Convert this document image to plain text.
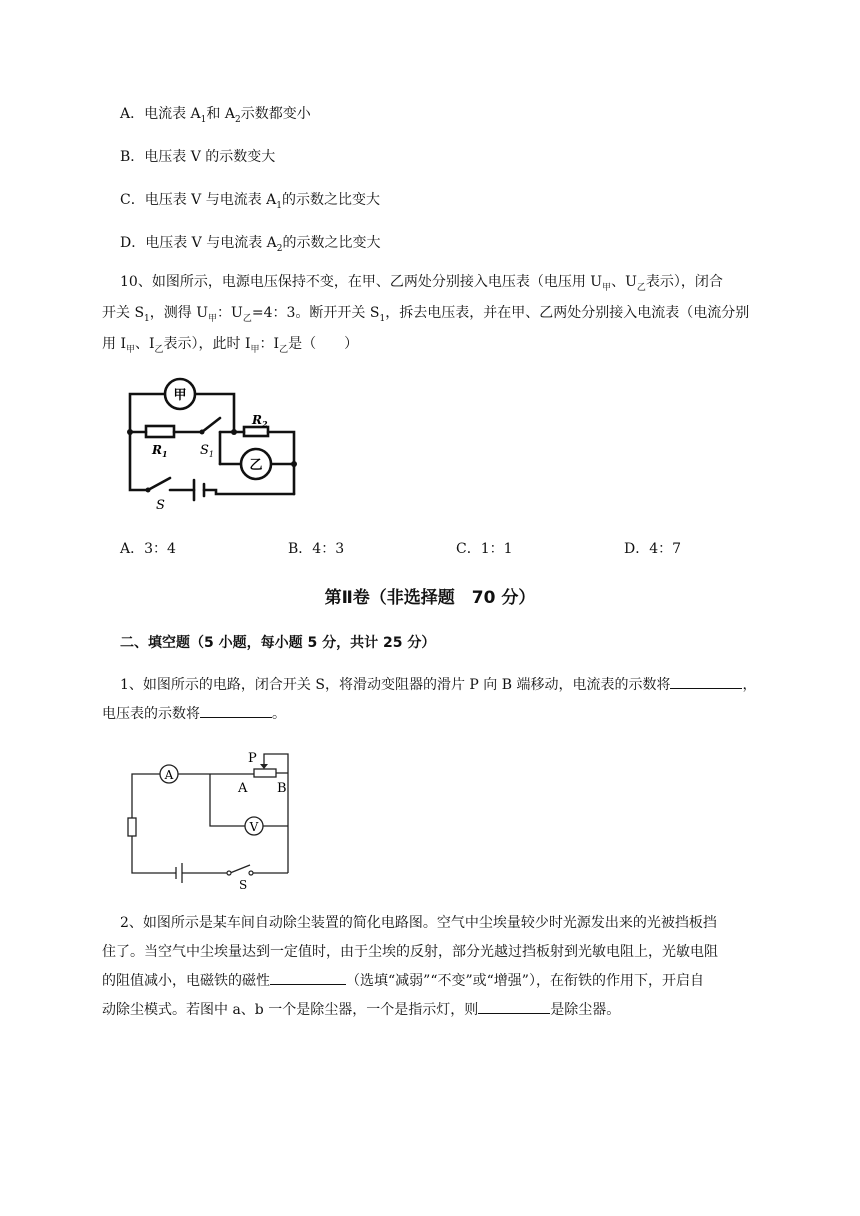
A．电流表 $A_1$和 $A_2$示数都变小
B．电压表 V 的示数变大
C．电压表 V 与电流表 $A_1$的示数之比变大
D．电压表 V 与电流表 $A_2$的示数之比变大
10、如图所示，电源电压保持不变，在甲、乙两处分别接入电压表（电压用 $U_甲$、$U_乙$表示），闭合
开关 $S_1$，测得 $U_甲$：$U_乙=4$：3。断开开关 $S_1$，拆去电压表，并在甲、乙两处分别接入电流表（电流分别
用 $I_甲$、$I_乙$表示），此时 $I_甲$：$I_乙$是（　　）
甲
乙
$R_1$
$R_2$
$S_1$
S
A．3：4	B．4：3	C．1：1	D．4：7
第Ⅱ卷（非选择题　70 分）
二、填空题（5 小题，每小题 5 分，共计 25 分）
1、如图所示的电路，闭合开关 S，将滑动变阻器的滑片 P 向 B 端移动，电流表的示数将	，
电压表的示数将	。
A
V
P
A B
S
2、如图所示是某车间自动除尘装置的简化电路图。空气中尘埃量较少时光源发出来的光被挡板挡
住了。当空气中尘埃量达到一定值时，由于尘埃的反射，部分光越过挡板射到光敏电阻上，光敏电阻
的阻值减小，电磁铁的磁性	（选填“减弱”“不变”或“增强”），在衔铁的作用下，开启自
动除尘模式。若图中 a、b 一个是除尘器，一个是指示灯，则	是除尘器。
